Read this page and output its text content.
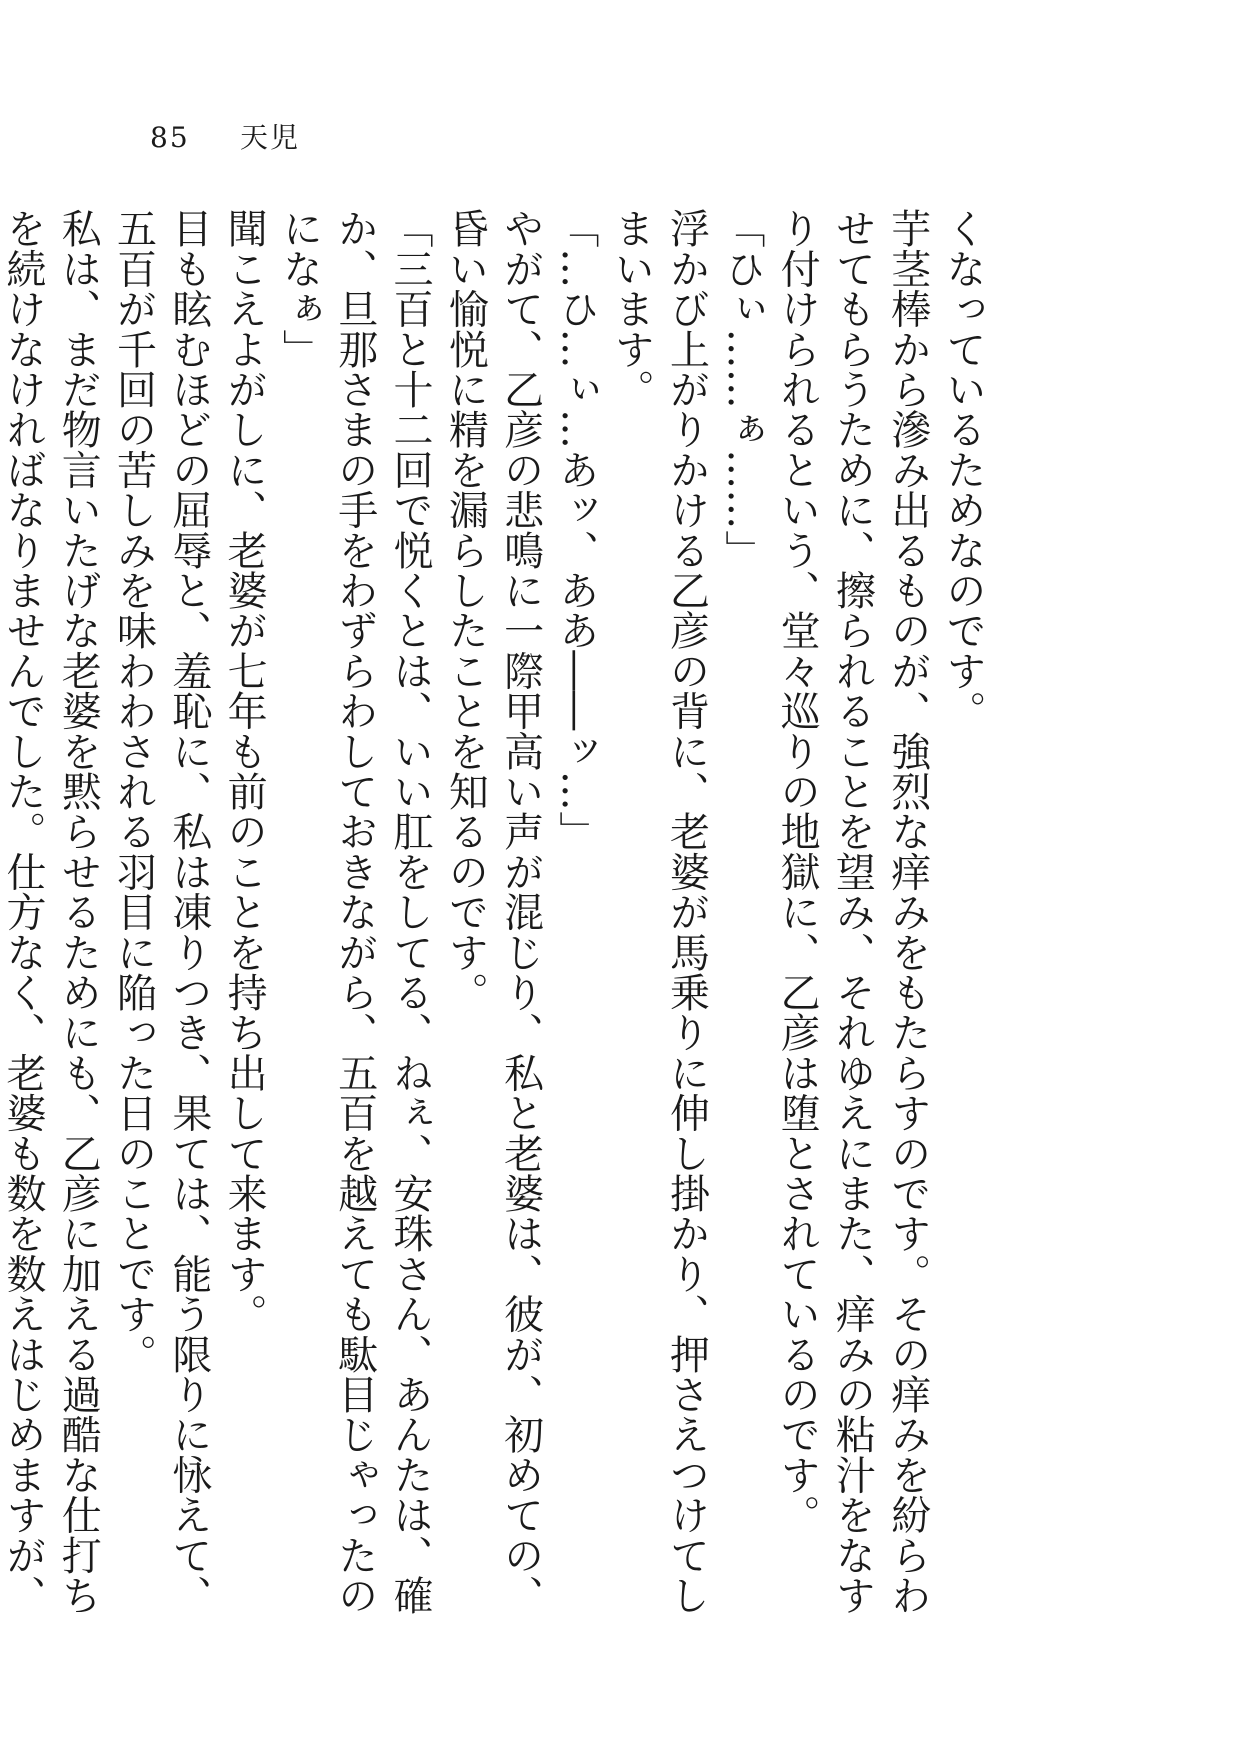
85 天児

くなっているためなのです。

芋茎棒から滲み出るものが、強烈な痒みをもたらすのです。その痒みを紛らわせてもらうために、擦られることを望み、それゆえにまた、痒みの粘汁をなすり付けられるという、堂々巡りの地獄に、乙彦は堕とされているのです。

「ひぃ……ぁ……」

浮かび上がりかける乙彦の背に、老婆が馬乗りに伸し掛かり、押さえつけてしまいます。

「…ひ…ぃ…あッ、ああ――ッ…」

やがて、乙彦の悲鳴に一際甲高い声が混じり、私と老婆は、彼が、初めての、昏い愉悦に精を漏らしたことを知るのです。

「三百と十二回で悦くとは、いい肛をしてる、ねぇ、安珠さん、あんたは、確か、旦那さまの手をわずらわしておきながら、五百を越えても駄目じゃったのになぁ」

聞こえよがしに、老婆が七年も前のことを持ち出して来ます。

目も眩むほどの屈辱と、羞恥に、私は凍りつき、果ては、能う限りに怺えて、五百が千回の苦しみを味わわされる羽目に陥った日のことです。

私は、まだ物言いたげな老婆を黙らせるためにも、乙彦に加える過酷な仕打ちを続けなければなりませんでした。仕方なく、老婆も数を数えはじめますが、
